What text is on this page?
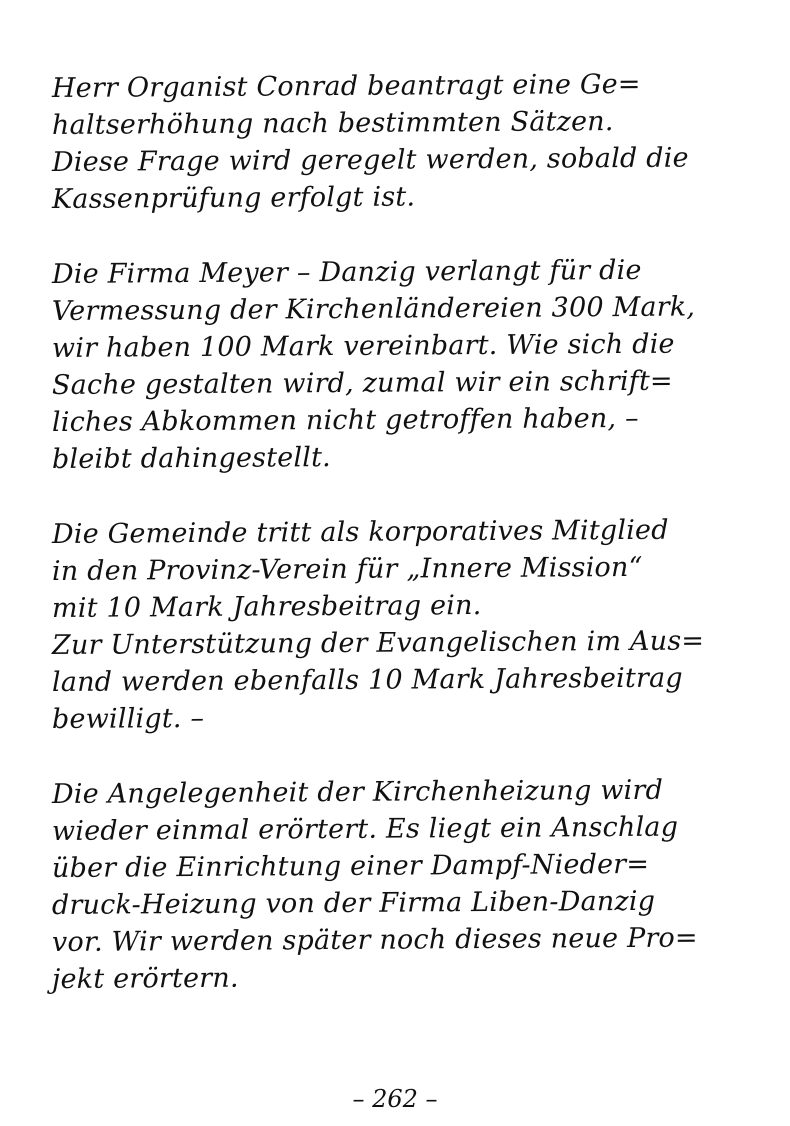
Herr Organist Conrad beantragt eine Ge=
haltserhöhung nach bestimmten Sätzen.
Diese Frage wird geregelt werden, sobald die
Kassenprüfung erfolgt ist.
Die Firma Meyer – Danzig verlangt für die
Vermessung der Kirchenländereien 300 Mark,
wir haben 100 Mark vereinbart. Wie sich die
Sache gestalten wird, zumal wir ein schrift=
liches Abkommen nicht getroffen haben, –
bleibt dahingestellt.
Die Gemeinde tritt als korporatives Mitglied
in den Provinz-Verein für „Innere Mission“
mit 10 Mark Jahresbeitrag ein.
Zur Unterstützung der Evangelischen im Aus=
land werden ebenfalls 10 Mark Jahresbeitrag
bewilligt. –
Die Angelegenheit der Kirchenheizung wird
wieder einmal erörtert. Es liegt ein Anschlag
über die Einrichtung einer Dampf-Nieder=
druck-Heizung von der Firma Liben-Danzig
vor. Wir werden später noch dieses neue Pro=
jekt erörtern.
– 262 –
